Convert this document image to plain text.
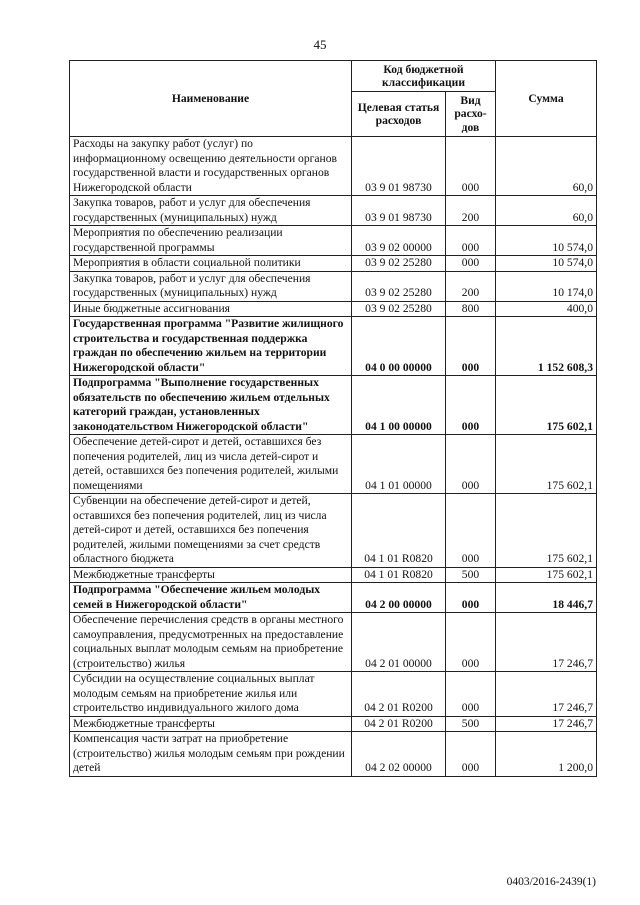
45
Наименование	Код бюджетной классификации		Сумма
	Целевая статья расходов	Вид расхо-дов	
Расходы на закупку работ (услуг) по информационному освещению деятельности органов государственной власти и государственных органов Нижегородской области	03 9 01 98730	000	60,0
Закупка товаров, работ и услуг для обеспечения государственных (муниципальных) нужд	03 9 01 98730	200	60,0
Мероприятия по обеспечению реализации государственной программы	03 9 02 00000	000	10 574,0
Мероприятия в области социальной политики	03 9 02 25280	000	10 574,0
Закупка товаров, работ и услуг для обеспечения государственных (муниципальных) нужд	03 9 02 25280	200	10 174,0
Иные бюджетные ассигнования	03 9 02 25280	800	400,0
Государственная программа "Развитие жилищного строительства и государственная поддержка граждан по обеспечению жильем на территории Нижегородской области"	04 0 00 00000	000	1 152 608,3
Подпрограмма "Выполнение государственных обязательств по обеспечению жильем отдельных категорий граждан, установленных законодательством Нижегородской области"	04 1 00 00000	000	175 602,1
Обеспечение детей-сирот и детей, оставшихся без попечения родителей, лиц из числа детей-сирот и детей, оставшихся без попечения родителей, жилыми помещениями	04 1 01 00000	000	175 602,1
Субвенции на обеспечение детей-сирот и детей, оставшихся без попечения родителей, лиц из числа детей-сирот и детей, оставшихся без попечения родителей, жилыми помещениями за счет средств областного бюджета	04 1 01 R0820	000	175 602,1
Межбюджетные трансферты	04 1 01 R0820	500	175 602,1
Подпрограмма "Обеспечение жильем молодых семей в Нижегородской области"	04 2 00 00000	000	18 446,7
Обеспечение перечисления средств в органы местного самоуправления, предусмотренных на предоставление социальных выплат молодым семьям на приобретение (строительство) жилья	04 2 01 00000	000	17 246,7
Субсидии на осуществление социальных выплат молодым семьям на приобретение жилья или строительство индивидуального жилого дома	04 2 01 R0200	000	17 246,7
Межбюджетные трансферты	04 2 01 R0200	500	17 246,7
Компенсация части затрат на приобретение (строительство) жилья молодым семьям при рождении детей	04 2 02 00000	000	1 200,0
0403/2016-2439(1)
